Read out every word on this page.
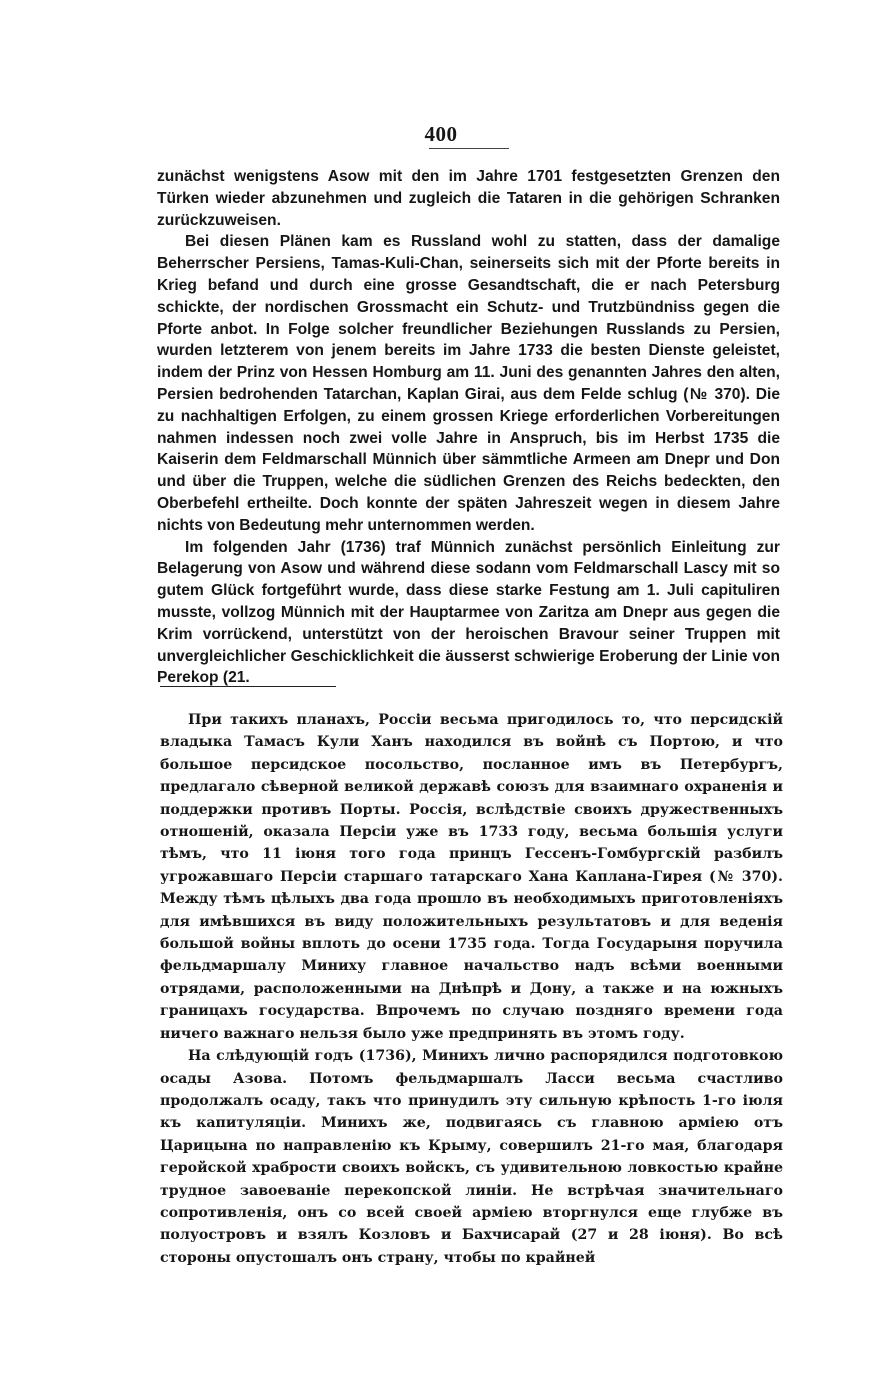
400

zunächst wenigstens Asow mit den im Jahre 1701 festgesetzten Grenzen den Türken wieder abzunehmen und zugleich die Tataren in die gehörigen Schranken zurückzuweisen.

Bei diesen Plänen kam es Russland wohl zu statten, dass der damalige Beherrscher Persiens, Tamas-Kuli-Chan, seinerseits sich mit der Pforte bereits in Krieg befand und durch eine grosse Gesandtschaft, die er nach Petersburg schickte, der nordischen Grossmacht ein Schutz- und Trutzbündniss gegen die Pforte anbot. In Folge solcher freundlicher Beziehungen Russlands zu Persien, wurden letzterem von jenem bereits im Jahre 1733 die besten Dienste geleistet, indem der Prinz von Hessen Homburg am 11. Juni des genannten Jahres den alten, Persien bedrohenden Tatarchan, Kaplan Girai, aus dem Felde schlug (№ 370). Die zu nachhaltigen Erfolgen, zu einem grossen Kriege erforderlichen Vorbereitungen nahmen indessen noch zwei volle Jahre in Anspruch, bis im Herbst 1735 die Kaiserin dem Feldmarschall Münnich über sämmtliche Armeen am Dnepr und Don und über die Truppen, welche die südlichen Grenzen des Reichs bedeckten, den Oberbefehl ertheilte. Doch konnte der späten Jahreszeit wegen in diesem Jahre nichts von Bedeutung mehr unternommen werden.

Im folgenden Jahr (1736) traf Münnich zunächst persönlich Einleitung zur Belagerung von Asow und während diese sodann vom Feldmarschall Lascy mit so gutem Glück fortgeführt wurde, dass diese starke Festung am 1. Juli capituliren musste, vollzog Münnich mit der Hauptarmee von Zaritza am Dnepr aus gegen die Krim vorrückend, unterstützt von der heroischen Bravour seiner Truppen mit unvergleichlicher Geschicklichkeit die äusserst schwierige Eroberung der Linie von Perekop (21.

При такихъ планахъ, Россіи весьма пригодилось то, что персидскій владыка Тамасъ Кули Ханъ находился въ войнѣ съ Портою, и что большое персидское посольство, посланное имъ въ Петербургъ, предлагало сѣверной великой державѣ союзъ для взаимнаго охраненія и поддержки противъ Порты. Россія, вслѣдствіе своихъ дружественныхъ отношеній, оказала Персіи уже въ 1733 году, весьма большія услуги тѣмъ, что 11 іюня того года принцъ Гессенъ-Гомбургскій разбилъ угрожавшаго Персіи старшаго татарскаго Хана Каплана-Гирея (№ 370). Между тѣмъ цѣлыхъ два года прошло въ необходимыхъ приготовленіяхъ для имѣвшихся въ виду положительныхъ результатовъ и для веденія большой войны вплоть до осени 1735 года. Тогда Государыня поручила фельдмаршалу Миниху главное начальство надъ всѣми военными отрядами, расположенными на Днѣпрѣ и Дону, а также и на южныхъ границахъ государства. Впрочемъ по случаю поздняго времени года ничего важнаго нельзя было уже предпринять въ этомъ году.

На слѣдующій годъ (1736), Минихъ лично распорядился подготовкою осады Азова. Потомъ фельдмаршалъ Ласси весьма счастливо продолжалъ осаду, такъ что принудилъ эту сильную крѣпость 1-го іюля къ капитуляціи. Минихъ же, подвигаясь съ главною арміею отъ Царицына по направленію къ Крыму, совершилъ 21-го мая, благодаря геройской храбрости своихъ войскъ, съ удивительною ловкостью крайне трудное завоеваніе перекопской линіи. Не встрѣчая значительнаго сопротивленія, онъ со всей своей арміею вторгнулся еще глубже въ полуостровъ и взялъ Козловъ и Бахчисарай (27 и 28 іюня). Во всѣ стороны опустошалъ онъ страну, чтобы по крайней
